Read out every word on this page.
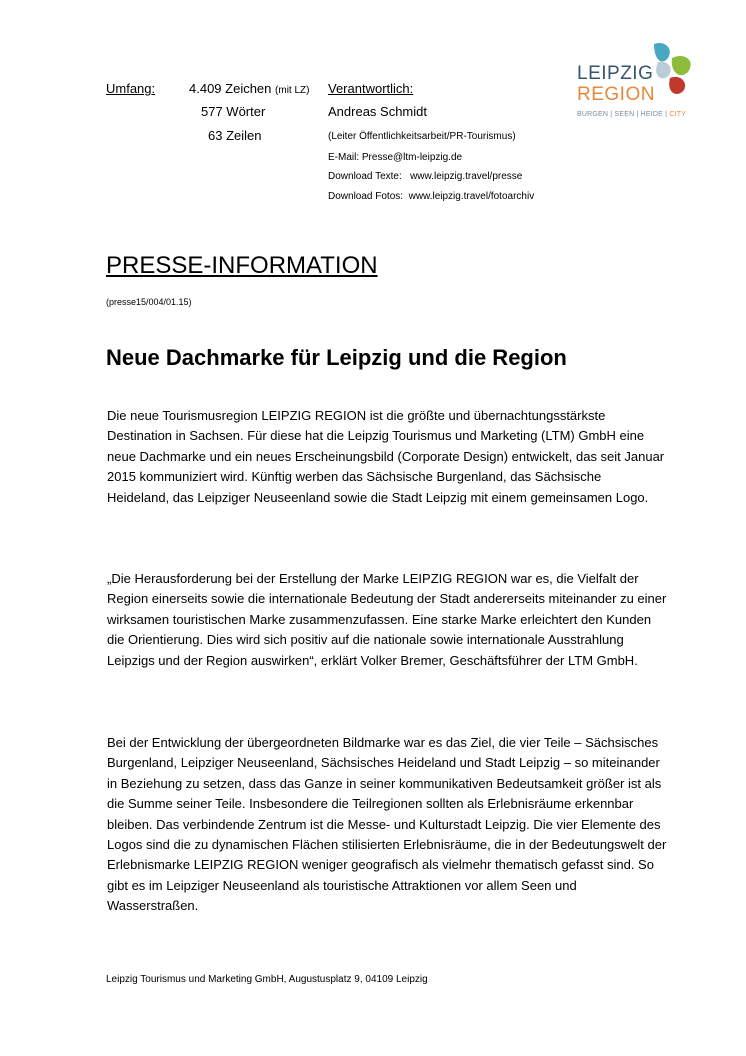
Umfang:	4.409 Zeichen (mit LZ)
577 Wörter
63 Zeilen
Verantwortlich:
Andreas Schmidt
(Leiter Öffentlichkeitsarbeit/PR-Tourismus)
E-Mail: Presse@ltm-leipzig.de
Download Texte:   www.leipzig.travel/presse
Download Fotos:  www.leipzig.travel/fotoarchiv
LEIPZIG
REGION
BURGEN | SEEN | HEIDE | CITY
PRESSE-INFORMATION
(presse15/004/01.15)
Neue Dachmarke für Leipzig und die Region
Die neue Tourismusregion LEIPZIG REGION ist die größte und übernachtungsstärkste Destination in Sachsen. Für diese hat die Leipzig Tourismus und Marketing (LTM) GmbH eine neue Dachmarke und ein neues Erscheinungsbild (Corporate Design) entwickelt, das seit Januar 2015 kommuniziert wird. Künftig werben das Sächsische Burgenland, das Sächsische Heideland, das Leipziger Neuseenland sowie die Stadt Leipzig mit einem gemeinsamen Logo.
„Die Herausforderung bei der Erstellung der Marke LEIPZIG REGION war es, die Vielfalt der Region einerseits sowie die internationale Bedeutung der Stadt andererseits miteinander zu einer wirksamen touristischen Marke zusammenzufassen. Eine starke Marke erleichtert den Kunden die Orientierung. Dies wird sich positiv auf die nationale sowie internationale Ausstrahlung Leipzigs und der Region auswirken“, erklärt Volker Bremer, Geschäftsführer der LTM GmbH.
Bei der Entwicklung der übergeordneten Bildmarke war es das Ziel, die vier Teile – Sächsisches Burgenland, Leipziger Neuseenland, Sächsisches Heideland und Stadt Leipzig – so miteinander in Beziehung zu setzen, dass das Ganze in seiner kommunikativen Bedeutsamkeit größer ist als die Summe seiner Teile. Insbesondere die Teilregionen sollten als Erlebnisräume erkennbar bleiben. Das verbindende Zentrum ist die Messe- und Kulturstadt Leipzig. Die vier Elemente des Logos sind die zu dynamischen Flächen stilisierten Erlebnisräume, die in der Bedeutungswelt der Erlebnismarke LEIPZIG REGION weniger geografisch als vielmehr thematisch gefasst sind. So gibt es im Leipziger Neuseenland als touristische Attraktionen vor allem Seen und Wasserstraßen.
Leipzig Tourismus und Marketing GmbH, Augustusplatz 9, 04109 Leipzig
